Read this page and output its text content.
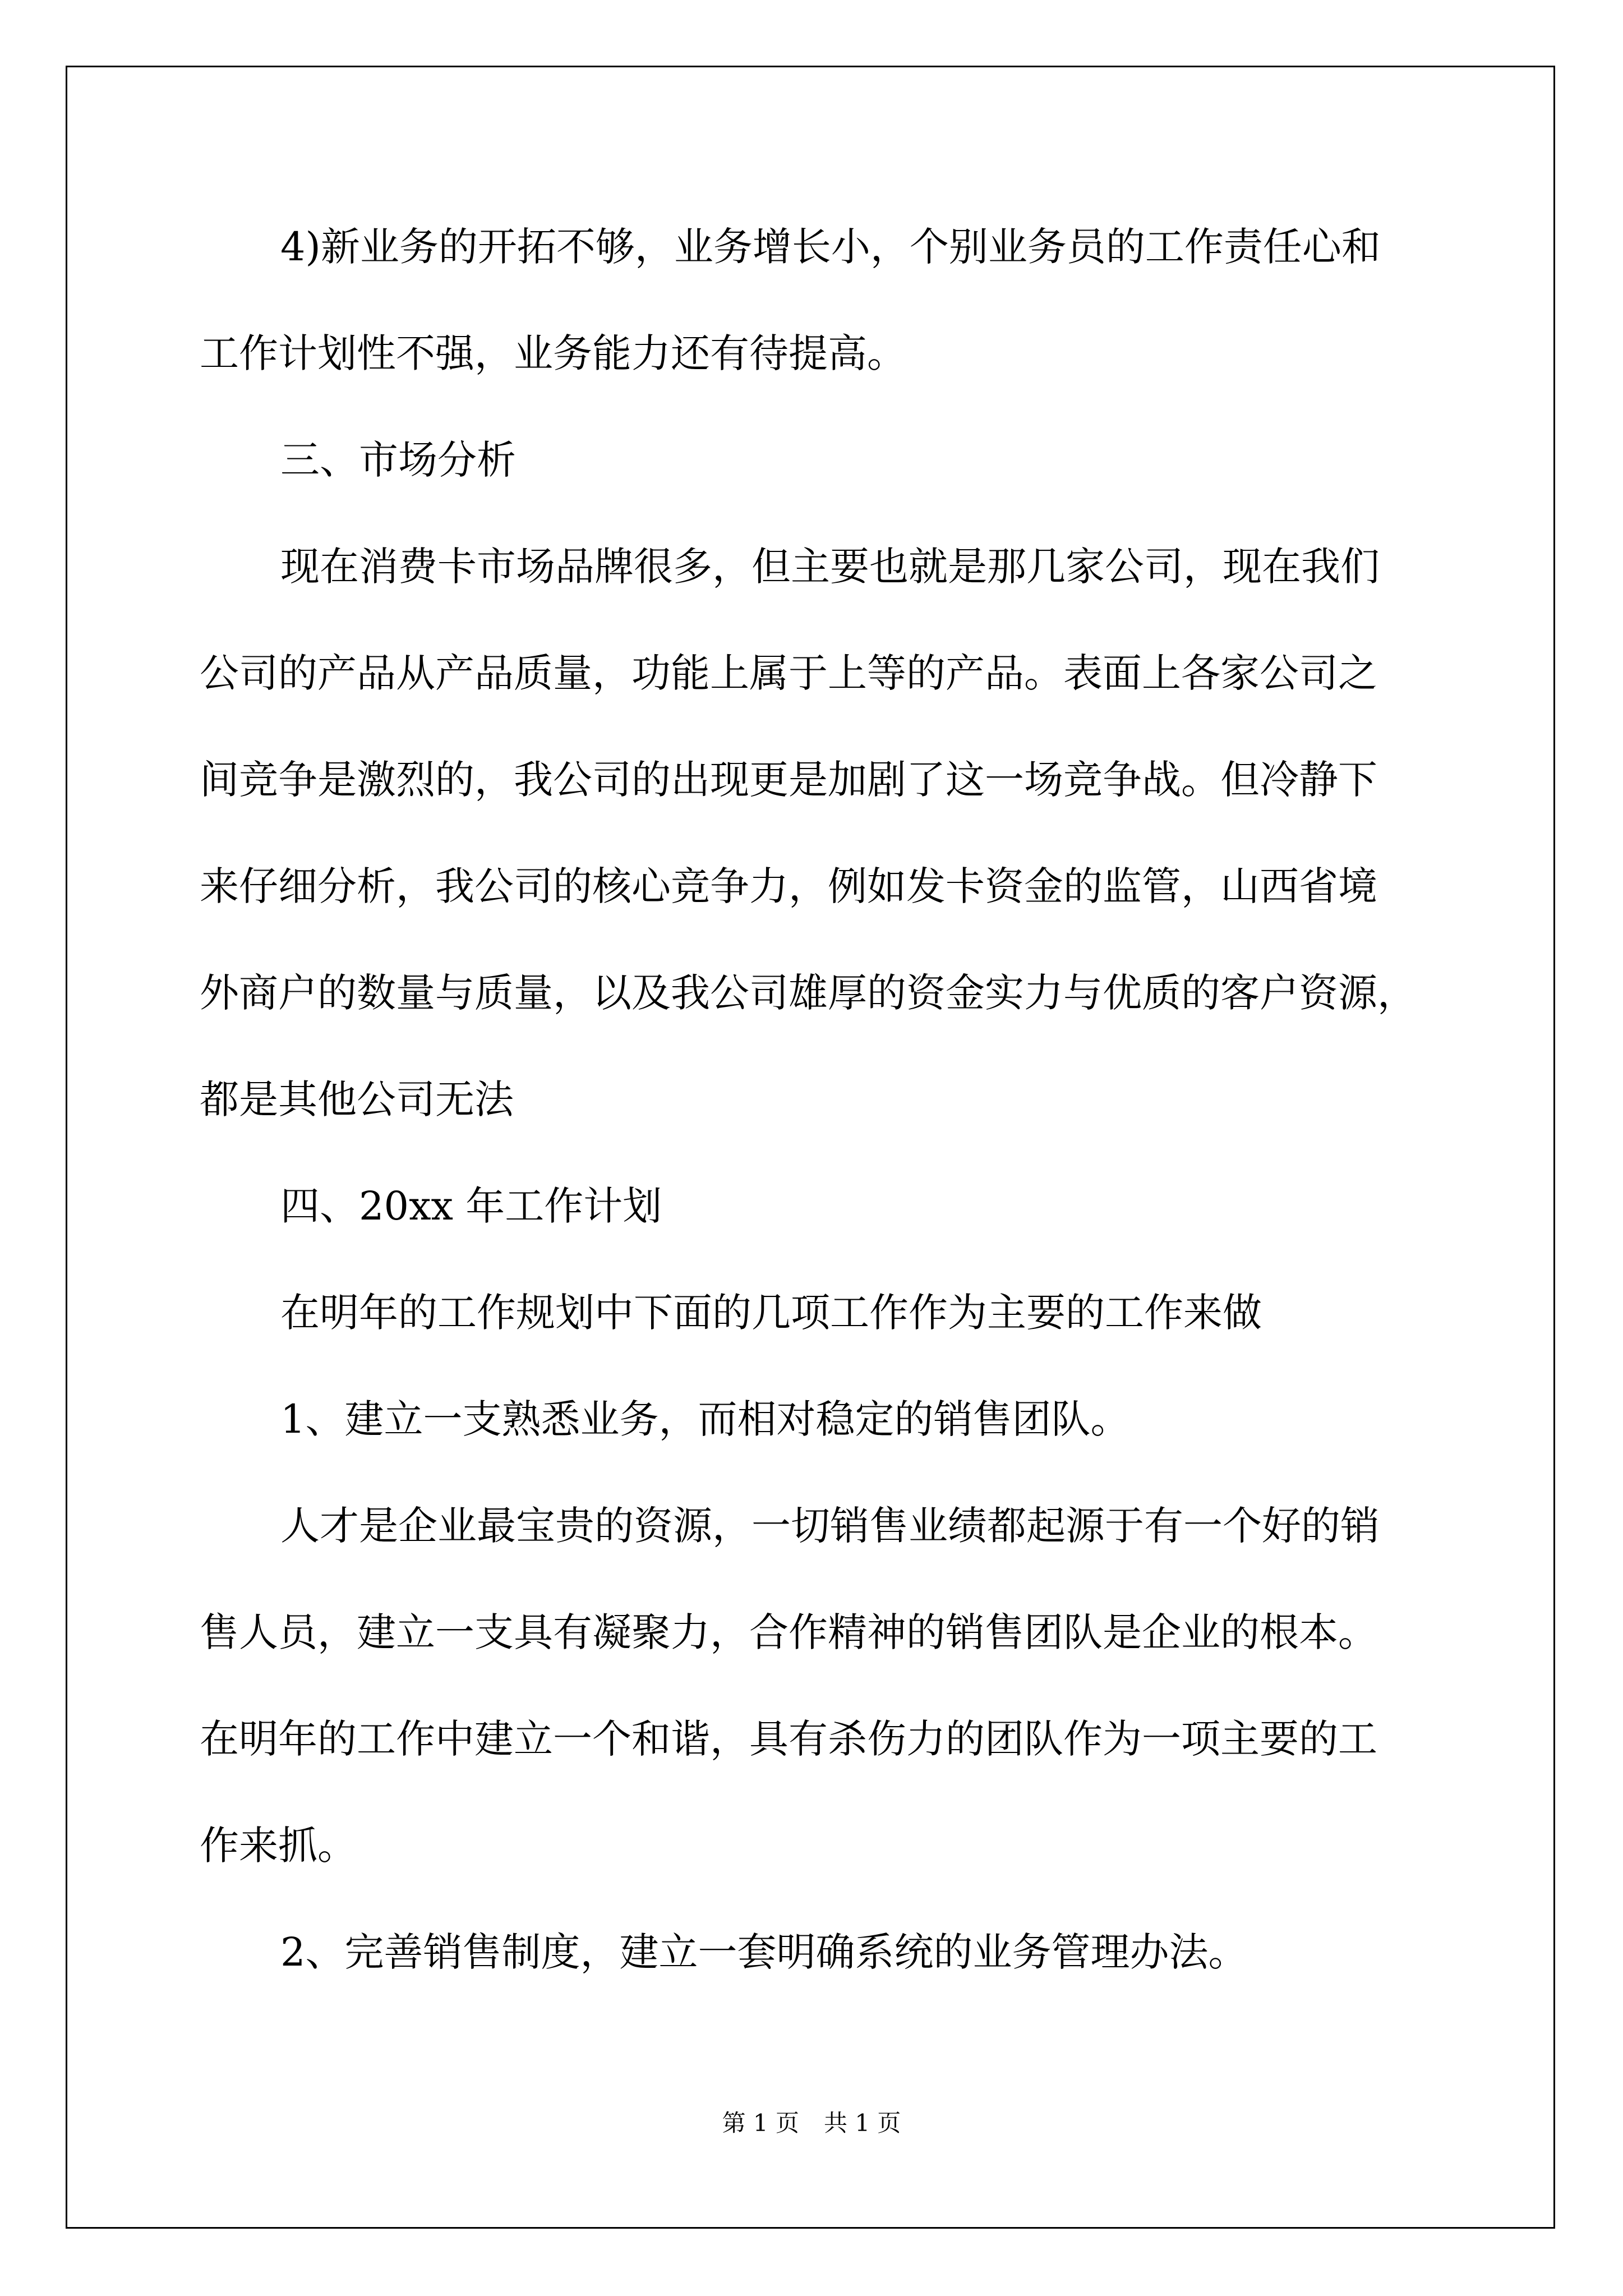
4)新业务的开拓不够，业务增长小，个别业务员的工作责任心和
工作计划性不强，业务能力还有待提高。
三、市场分析
现在消费卡市场品牌很多，但主要也就是那几家公司，现在我们
公司的产品从产品质量，功能上属于上等的产品。表面上各家公司之
间竞争是激烈的，我公司的出现更是加剧了这一场竞争战。但冷静下
来仔细分析，我公司的核心竞争力，例如发卡资金的监管，山西省境
外商户的数量与质量，以及我公司雄厚的资金实力与优质的客户资源，
都是其他公司无法
四、20xx 年工作计划
在明年的工作规划中下面的几项工作作为主要的工作来做
1、建立一支熟悉业务，而相对稳定的销售团队。
人才是企业最宝贵的资源，一切销售业绩都起源于有一个好的销
售人员，建立一支具有凝聚力，合作精神的销售团队是企业的根本。
在明年的工作中建立一个和谐，具有杀伤力的团队作为一项主要的工
作来抓。
2、完善销售制度，建立一套明确系统的业务管理办法。
第 1 页 共 1 页
